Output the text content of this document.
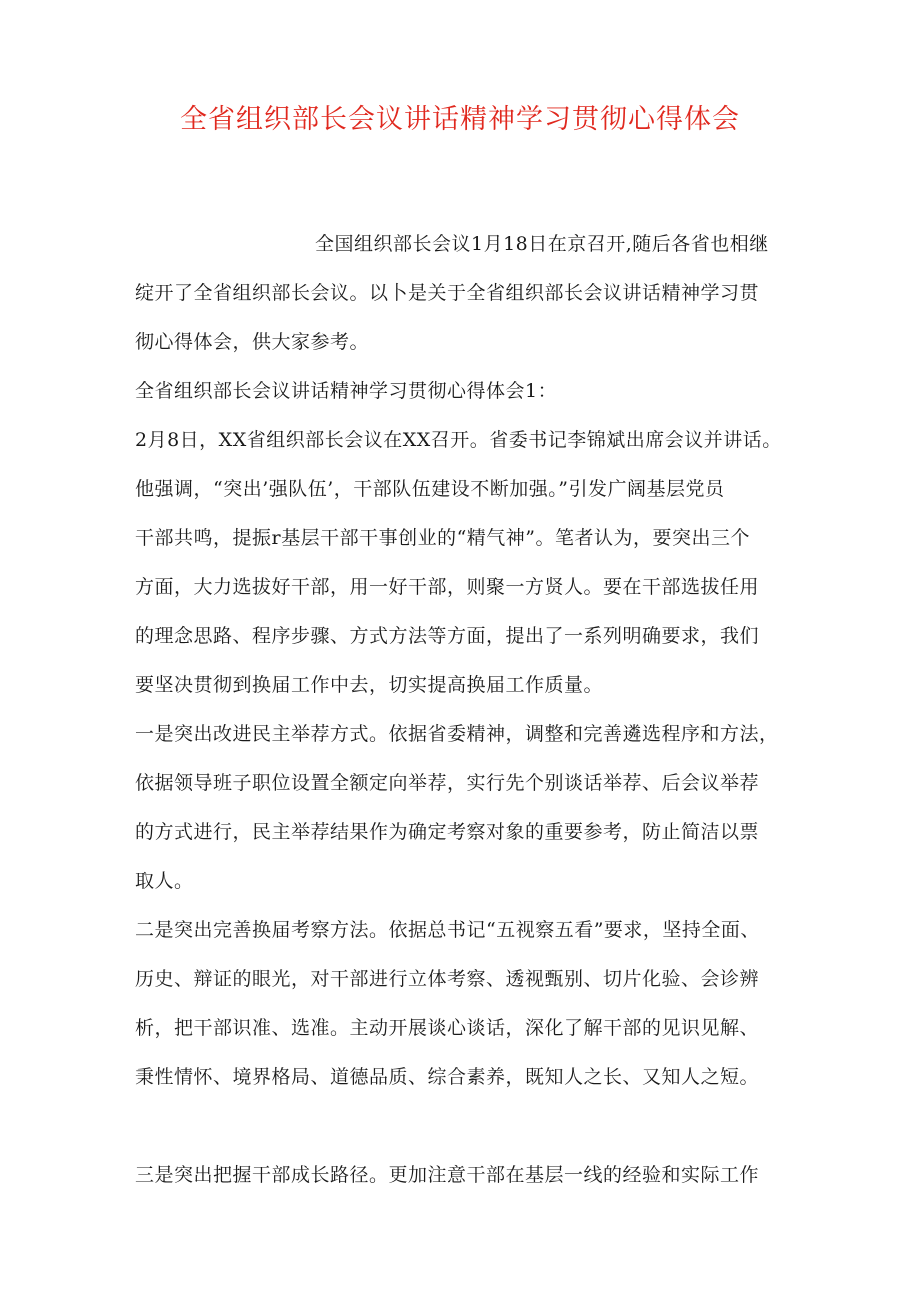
全省组织部长会议讲话精神学习贯彻心得体会
全国组织部长会议1月18日在京召开,随后各省也相继
绽开了全省组织部长会议。以卜是关于全省组织部长会议讲话精神学习贯
彻心得体会，供大家参考。
全省组织部长会议讲话精神学习贯彻心得体会1：
2月8日，XX省组织部长会议在XX召开。省委书记李锦斌出席会议并讲话。
他强调，“突出’强队伍’，干部队伍建设不断加强。”引发广阔基层党员
干部共鸣，提振r基层干部干事创业的“精气神”。笔者认为，要突出三个
方面，大力选拔好干部，用一好干部，则聚一方贤人。要在干部选拔任用
的理念思路、程序步骤、方式方法等方面，提出了一系列明确要求，我们
要坚决贯彻到换届工作中去，切实提高换届工作质量。
一是突出改进民主举荐方式。依据省委精神，调整和完善遴选程序和方法，
依据领导班子职位设置全额定向举荐，实行先个别谈话举荐、后会议举荐
的方式进行，民主举荐结果作为确定考察对象的重要参考，防止简洁以票
取人。
二是突出完善换届考察方法。依据总书记“五视察五看”要求，坚持全面、
历史、辩证的眼光，对干部进行立体考察、透视甄别、切片化验、会诊辨
析，把干部识准、选准。主动开展谈心谈话，深化了解干部的见识见解、
秉性情怀、境界格局、道德品质、综合素养，既知人之长、又知人之短。
三是突出把握干部成长路径。更加注意干部在基层一线的经验和实际工作
